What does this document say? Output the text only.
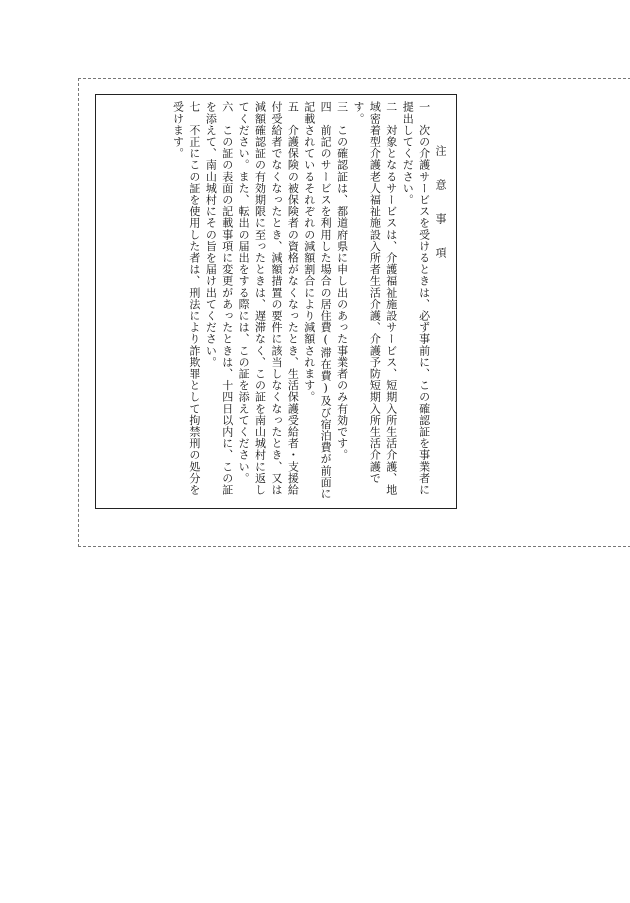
注 意 事 項
一　次の介護サービスを受けるときは、必ず事前に、この確認証を事業者に提出してください。
二　対象となるサービスは、介護福祉施設サービス、短期入所生活介護、地域密着型介護老人福祉施設入所者生活介護、介護予防短期入所生活介護です。
三　この確認証は、都道府県に申し出のあった事業者のみ有効です。
四　前記のサービスを利用した場合の居住費(滞在費)及び宿泊費が前面に記載されているそれぞれの減額割合により減額されます。
五　介護保険の被保険者の資格がなくなったとき、生活保護受給者・支援給付受給者でなくなったとき、減額措置の要件に該当しなくなったとき、又は減額確認証の有効期限に至ったときは、遅滞なく、この証を南山城村に返してください。また、転出の届出をする際には、この証を添えてください。
六　この証の表面の記載事項に変更があったときは、十四日以内に、この証を添えて、南山城村にその旨を届け出てください。
七　不正にこの証を使用した者は、刑法により詐欺罪として拘禁刑の処分を受けます。
